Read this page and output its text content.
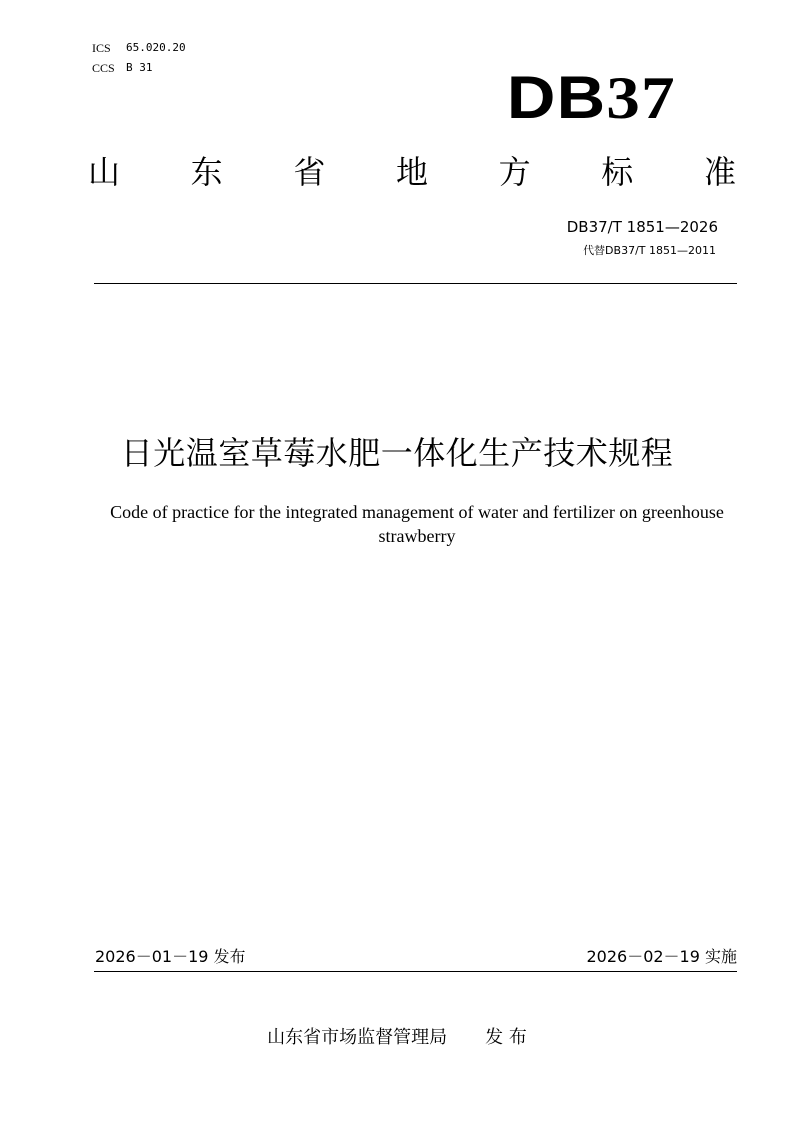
ICS	65.020.20
CCS	B 31	DB37
山 东 省 地 方 标 准
DB37/T 1851—2026
代替DB37/T 1851—2011
日光温室草莓水肥一体化生产技术规程
Code of practice for the integrated management of water and fertilizer on greenhouse strawberry
2026－01－19 发布	2026－02－19 实施
山东省市场监督管理局 发 布
